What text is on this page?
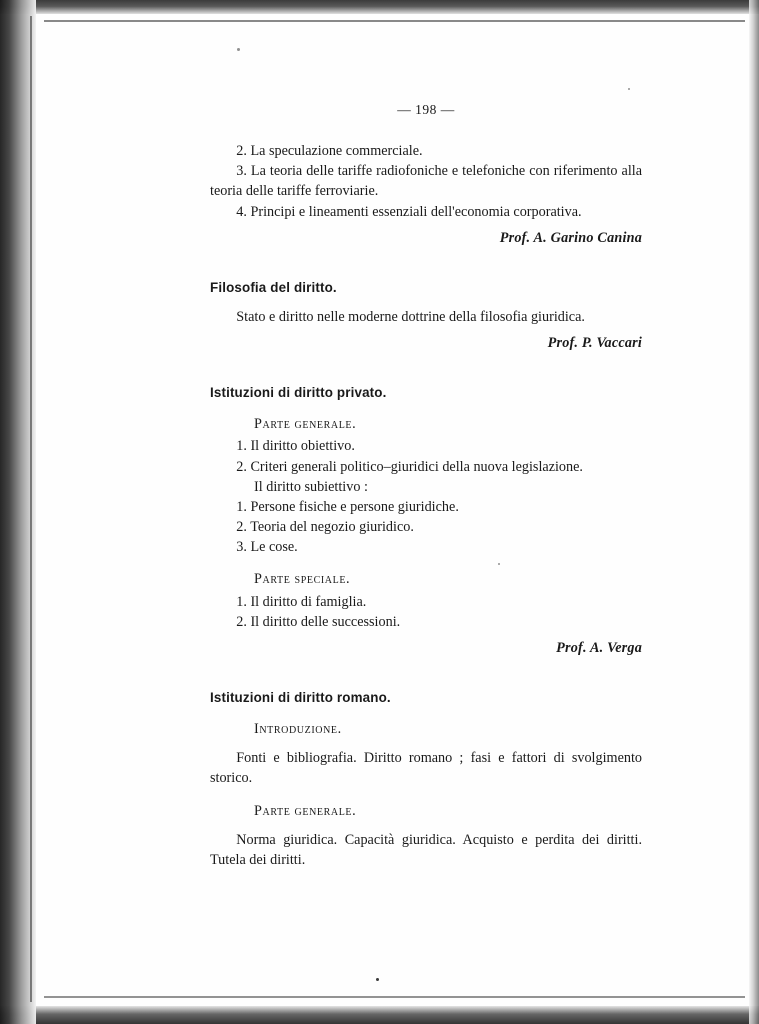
— 198 —

2. La speculazione commerciale.

3. La teoria delle tariffe radiofoniche e telefoniche con riferimento alla teoria delle tariffe ferroviarie.

4. Principi e lineamenti essenziali dell'economia corporativa.

Prof. A. Garino Canina

Filosofia del diritto.

Stato e diritto nelle moderne dottrine della filosofia giuridica.

Prof. P. Vaccari

Istituzioni di diritto privato.

Parte generale.

1. Il diritto obiettivo.

2. Criteri generali politico–giuridici della nuova legislazione.

Il diritto subiettivo :

1. Persone fisiche e persone giuridiche.

2. Teoria del negozio giuridico.

3. Le cose.

Parte speciale.

1. Il diritto di famiglia.

2. Il diritto delle successioni.

Prof. A. Verga

Istituzioni di diritto romano.

Introduzione.

Fonti e bibliografia. Diritto romano ; fasi e fattori di svolgimento storico.

Parte generale.

Norma giuridica. Capacità giuridica. Acquisto e perdita dei diritti. Tutela dei diritti.
